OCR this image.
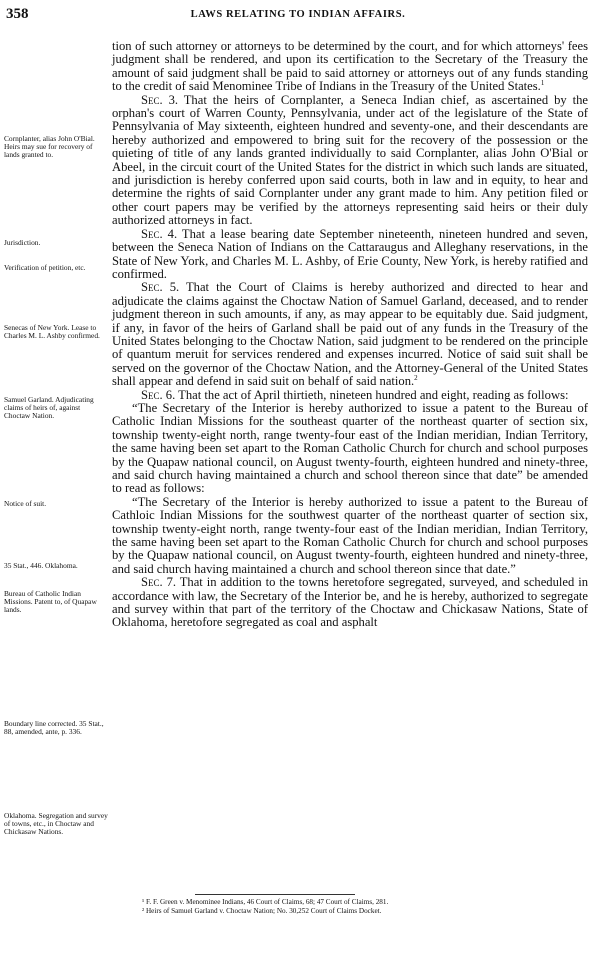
358	LAWS RELATING TO INDIAN AFFAIRS.
Cornplanter, alias John O'Bial. Heirs may sue for recovery of lands granted to.
Jurisdiction.
Verification of petition, etc.
Senecas of New York. Lease to Charles M. L. Ashby confirmed.
Samuel Garland. Adjudicating claims of heirs of, against Choctaw Nation.
Notice of suit.
35 Stat., 446. Oklahoma.
Bureau of Catholic Indian Missions. Patent to, of Quapaw lands.
Boundary line corrected. 35 Stat., 88, amended, ante, p. 336.
Oklahoma. Segregation and survey of towns, etc., in Choctaw and Chickasaw Nations.

tion of such attorney or attorneys to be determined by the court, and for which attorneys' fees judgment shall be rendered, and upon its certification to the Secretary of the Treasury the amount of said judgment shall be paid to said attorney or attorneys out of any funds standing to the credit of said Menominee Tribe of Indians in the Treasury of the United States.$^1$

Sec. 3. That the heirs of Cornplanter, a Seneca Indian chief, as ascertained by the orphan's court of Warren County, Pennsylvania, under act of the legislature of the State of Pennsylvania of May sixteenth, eighteen hundred and seventy-one, and their descendants are hereby authorized and empowered to bring suit for the recovery of the possession or the quieting of title of any lands granted individually to said Cornplanter, alias John O'Bial or Abeel, in the circuit court of the United States for the district in which such lands are situated, and jurisdiction is hereby conferred upon said courts, both in law and in equity, to hear and determine the rights of said Cornplanter under any grant made to him. Any petition filed or other court papers may be verified by the attorneys representing said heirs or their duly authorized attorneys in fact.

Sec. 4. That a lease bearing date September nineteenth, nineteen hundred and seven, between the Seneca Nation of Indians on the Cattaraugus and Alleghany reservations, in the State of New York, and Charles M. L. Ashby, of Erie County, New York, is hereby ratified and confirmed.

Sec. 5. That the Court of Claims is hereby authorized and directed to hear and adjudicate the claims against the Choctaw Nation of Samuel Garland, deceased, and to render judgment thereon in such amounts, if any, as may appear to be equitably due. Said judgment, if any, in favor of the heirs of Garland shall be paid out of any funds in the Treasury of the United States belonging to the Choctaw Nation, said judgment to be rendered on the principle of quantum meruit for services rendered and expenses incurred. Notice of said suit shall be served on the governor of the Choctaw Nation, and the Attorney-General of the United States shall appear and defend in said suit on behalf of said nation.$^2$

Sec. 6. That the act of April thirtieth, nineteen hundred and eight, reading as follows:

“The Secretary of the Interior is hereby authorized to issue a patent to the Bureau of Catholic Indian Missions for the southeast quarter of the northeast quarter of section six, township twenty-eight north, range twenty-four east of the Indian meridian, Indian Territory, the same having been set apart to the Roman Catholic Church for church and school purposes by the Quapaw national council, on August twenty-fourth, eighteen hundred and ninety-three, and said church having maintained a church and school thereon since that date” be amended to read as follows:

“The Secretary of the Interior is hereby authorized to issue a patent to the Bureau of Cathloic Indian Missions for the southwest quarter of the northeast quarter of section six, township twenty-eight north, range twenty-four east of the Indian meridian, Indian Territory, the same having been set apart to the Roman Catholic Church for church and school purposes by the Quapaw national council, on August twenty-fourth, eighteen hundred and ninety-three, and said church having maintained a church and school thereon since that date.”

Sec. 7. That in addition to the towns heretofore segregated, surveyed, and scheduled in accordance with law, the Secretary of the Interior be, and he is hereby, authorized to segregate and survey within that part of the territory of the Choctaw and Chickasaw Nations, State of Oklahoma, heretofore segregated as coal and asphalt

¹ F. F. Green v. Menominee Indians, 46 Court of Claims, 68; 47 Court of Claims, 281.
² Heirs of Samuel Garland v. Choctaw Nation; No. 30,252 Court of Claims Docket.
